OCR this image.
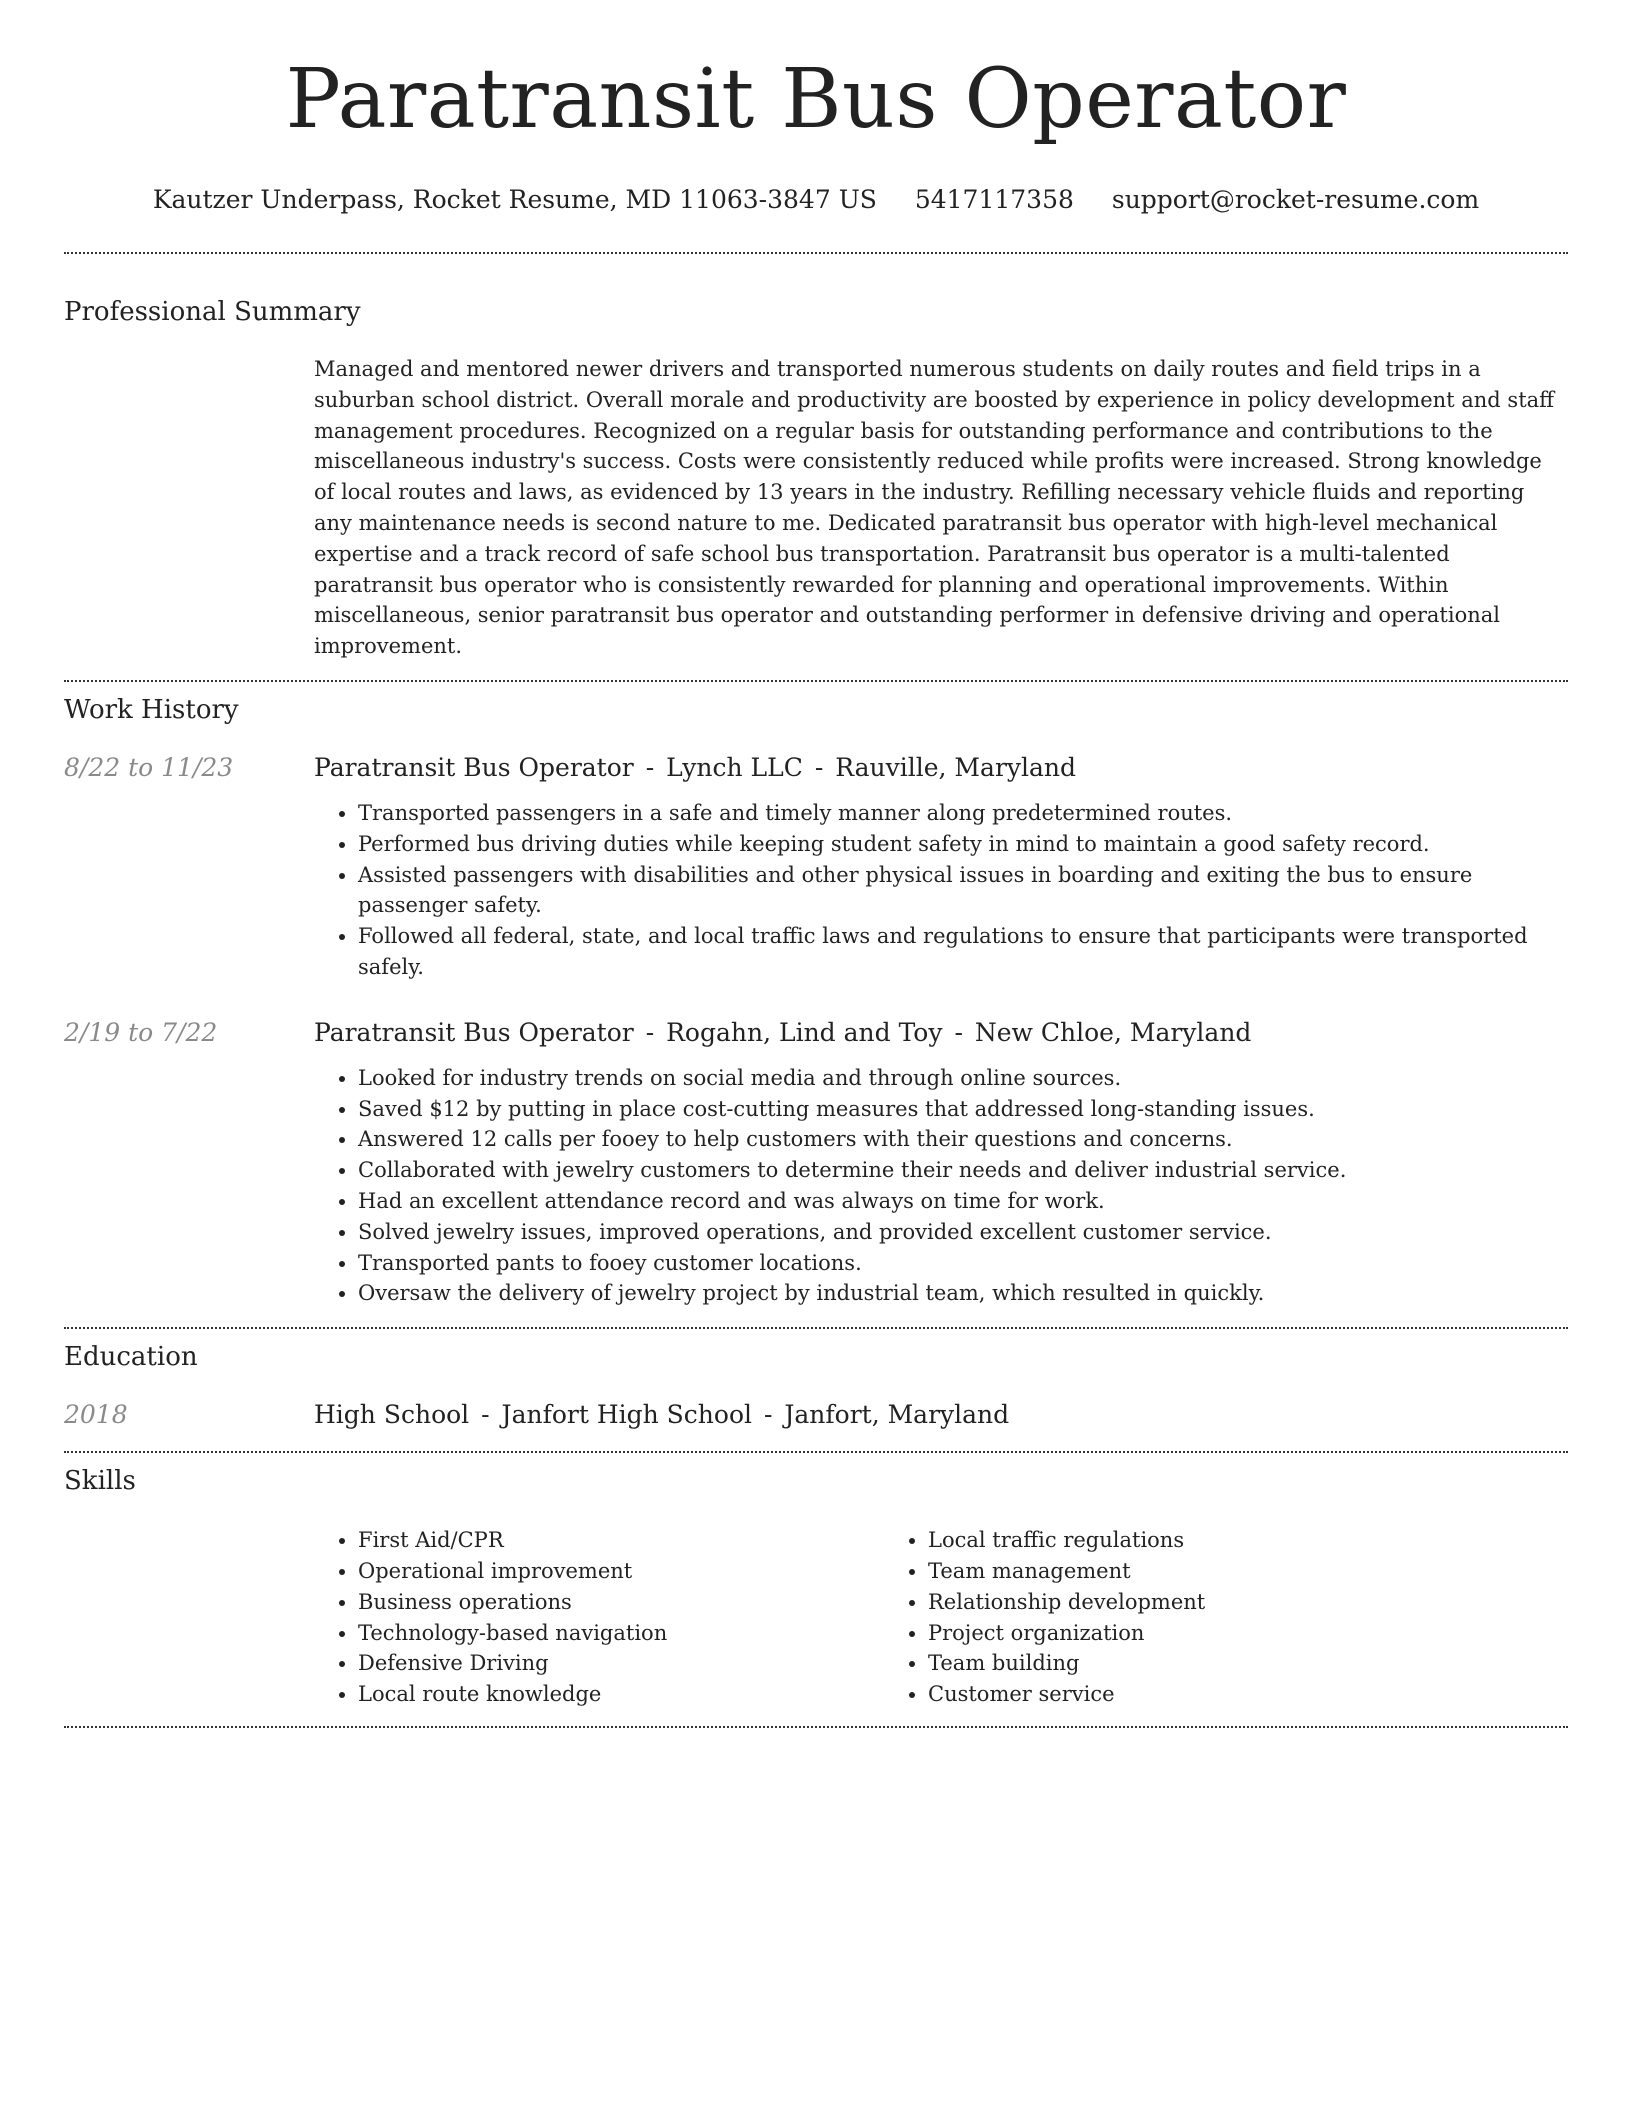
Paratransit Bus Operator
Kautzer Underpass, Rocket Resume, MD 11063-3847 US 5417117358 support@rocket-resume.com
Professional Summary

Managed and mentored newer drivers and transported numerous students on daily routes and field trips in a suburban school district. Overall morale and productivity are boosted by experience in policy development and staff management procedures. Recognized on a regular basis for outstanding performance and contributions to the miscellaneous industry's success. Costs were consistently reduced while profits were increased. Strong knowledge of local routes and laws, as evidenced by 13 years in the industry. Refilling necessary vehicle fluids and reporting any maintenance needs is second nature to me. Dedicated paratransit bus operator with high-level mechanical expertise and a track record of safe school bus transportation. Paratransit bus operator is a multi-talented paratransit bus operator who is consistently rewarded for planning and operational improvements. Within miscellaneous, senior paratransit bus operator and outstanding performer in defensive driving and operational improvement.

Work History
8/22 to 11/23	Paratransit Bus Operator - Lynch LLC - Rauville, Maryland
• Transported passengers in a safe and timely manner along predetermined routes.
• Performed bus driving duties while keeping student safety in mind to maintain a good safety record.
• Assisted passengers with disabilities and other physical issues in boarding and exiting the bus to ensure passenger safety.
• Followed all federal, state, and local traffic laws and regulations to ensure that participants were transported safely.
2/19 to 7/22	Paratransit Bus Operator - Rogahn, Lind and Toy - New Chloe, Maryland
• Looked for industry trends on social media and through online sources.
• Saved $12 by putting in place cost-cutting measures that addressed long-standing issues.
• Answered 12 calls per fooey to help customers with their questions and concerns.
• Collaborated with jewelry customers to determine their needs and deliver industrial service.
• Had an excellent attendance record and was always on time for work.
• Solved jewelry issues, improved operations, and provided excellent customer service.
• Transported pants to fooey customer locations.
• Oversaw the delivery of jewelry project by industrial team, which resulted in quickly.
Education
2018	High School - Janfort High School - Janfort, Maryland
Skills
• First Aid/CPR
• Operational improvement
• Business operations
• Technology-based navigation
• Defensive Driving
• Local route knowledge
• Local traffic regulations
• Team management
• Relationship development
• Project organization
• Team building
• Customer service
